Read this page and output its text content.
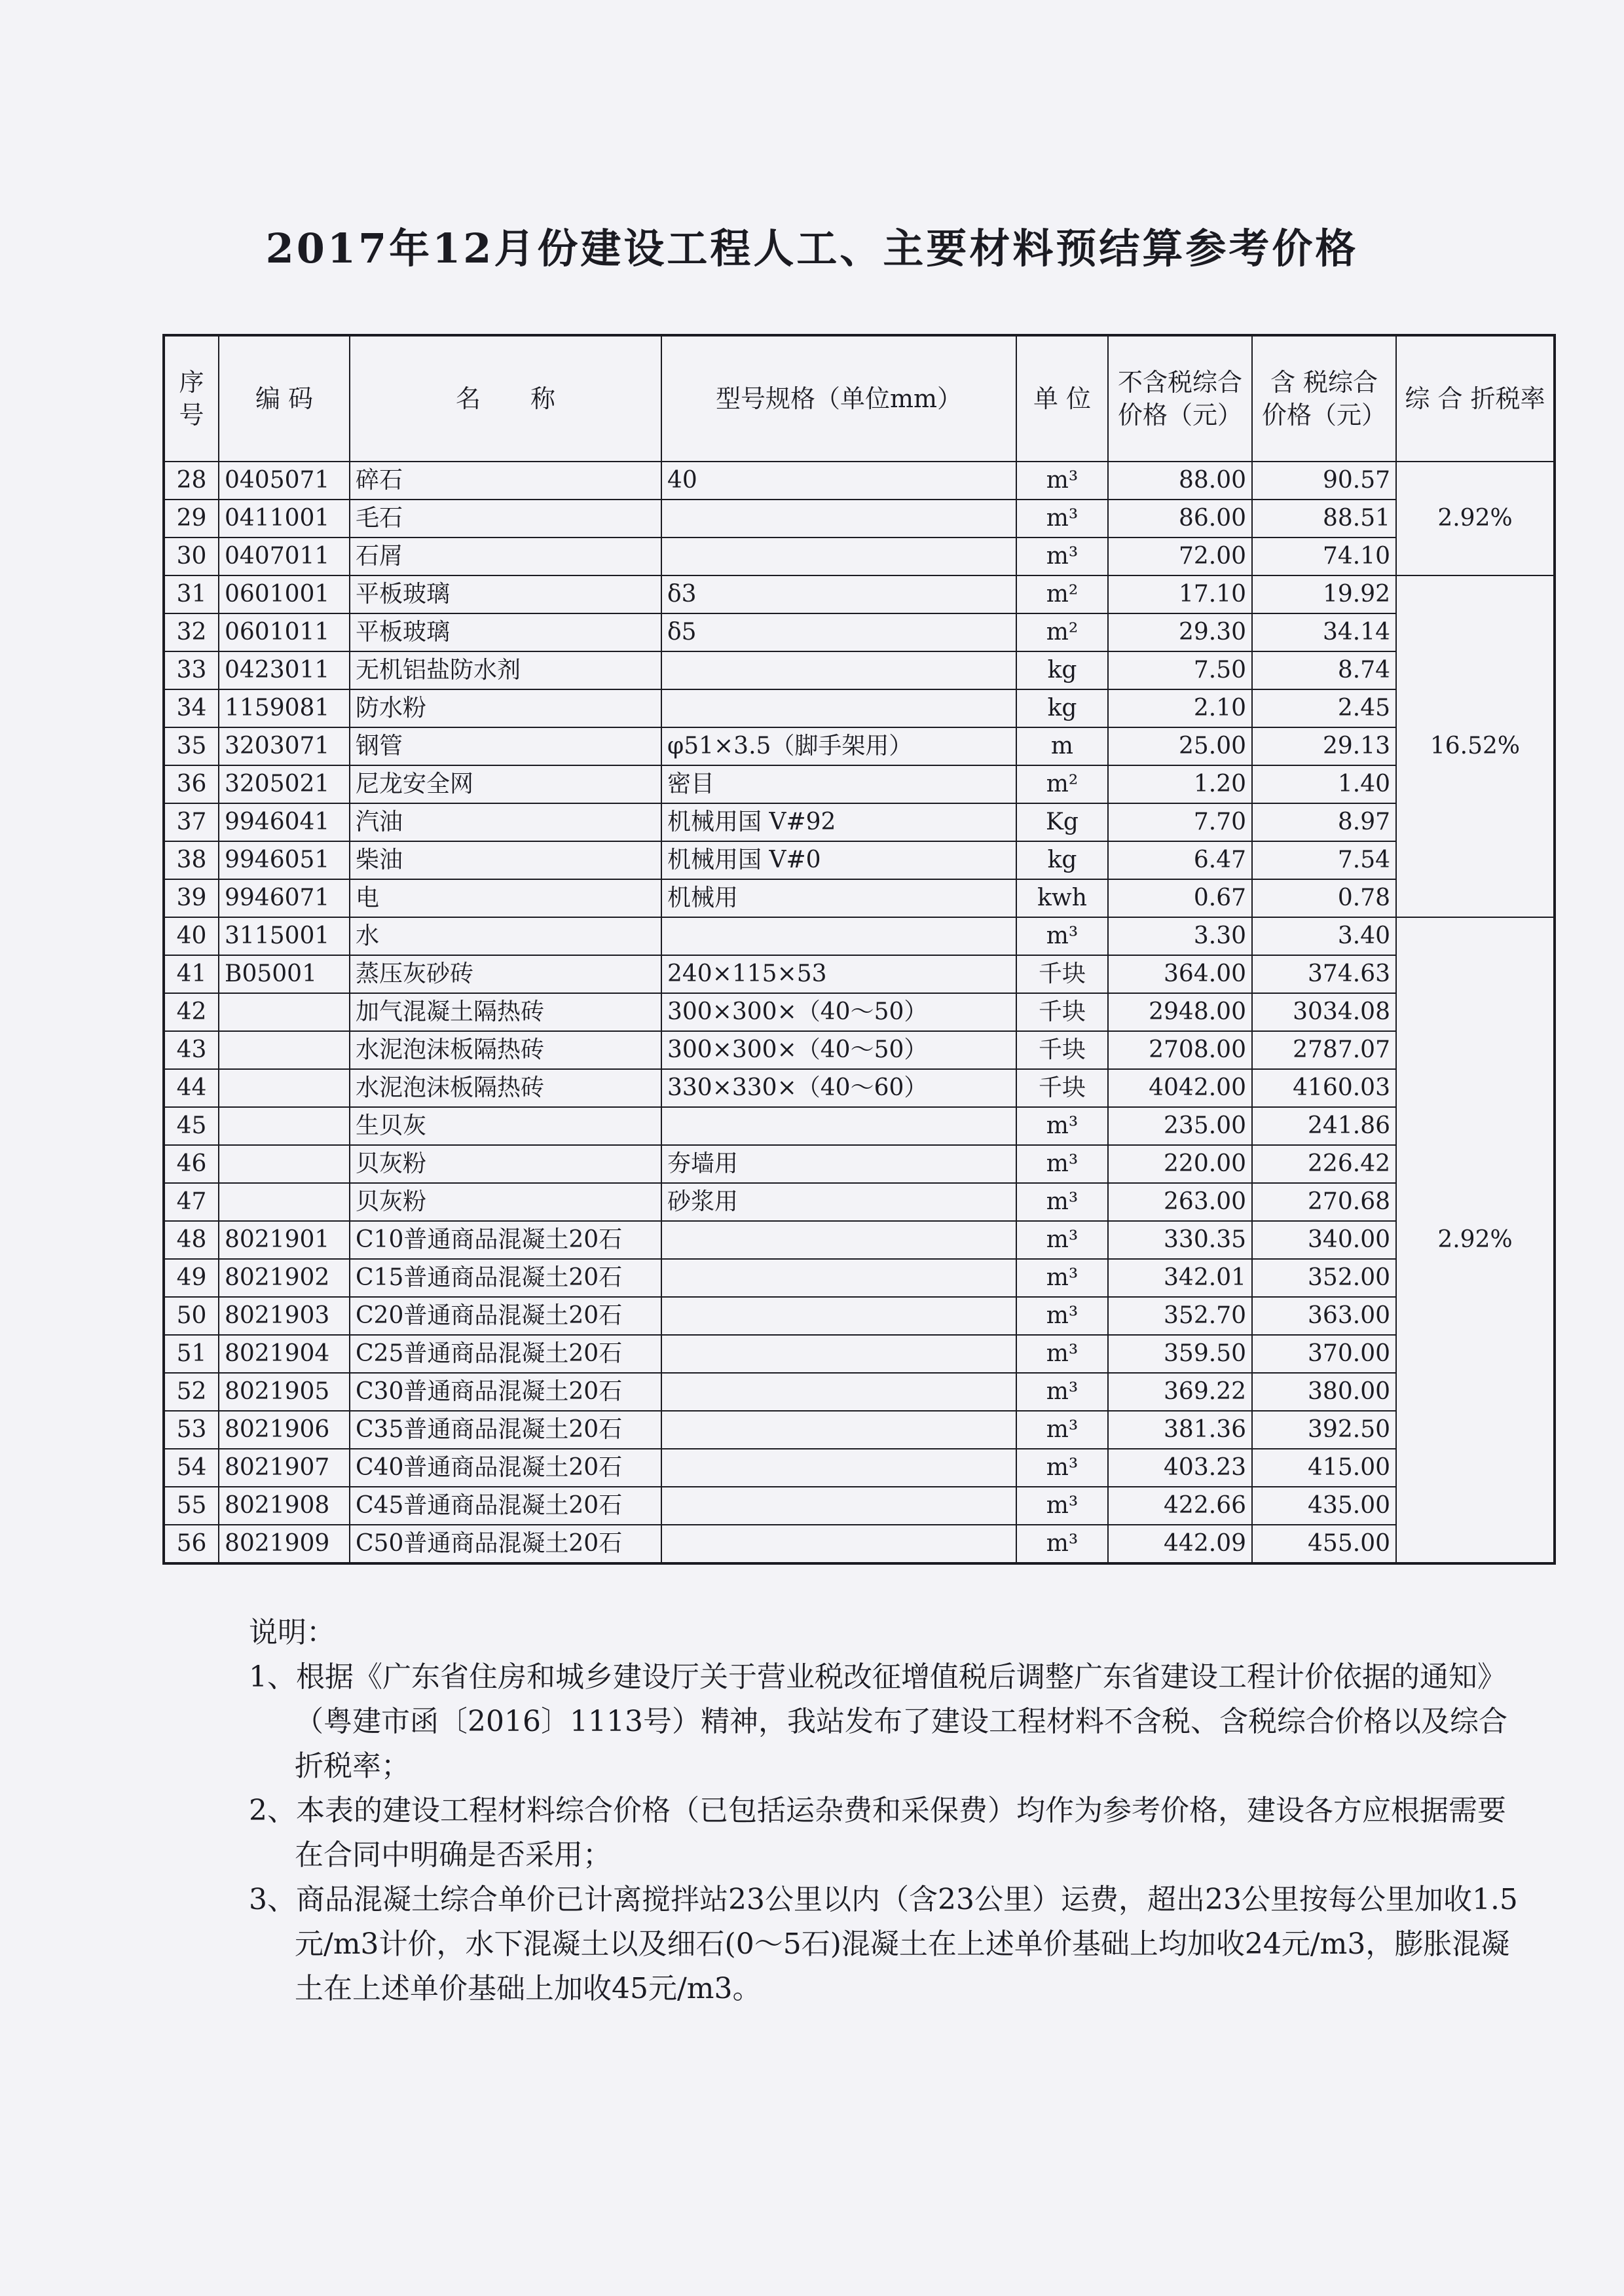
2017年12月份建设工程人工、主要材料预结算参考价格
序号	编 码	名　　称	型号规格（单位mm）	单 位	不含税综合价格（元）	含 税综合价格（元）	综 合 折税率
28	0405071	碎石	40	m³	88.00	90.57	2.92%
29	0411001	毛石		m³	86.00	88.51	
30	0407011	石屑		m³	72.00	74.10	
31	0601001	平板玻璃	δ3	m²	17.10	19.92	16.52%
32	0601011	平板玻璃	δ5	m²	29.30	34.14	
33	0423011	无机铝盐防水剂		kg	7.50	8.74	
34	1159081	防水粉		kg	2.10	2.45	
35	3203071	钢管	φ51×3.5（脚手架用）	m	25.00	29.13	
36	3205021	尼龙安全网	密目	m²	1.20	1.40	
37	9946041	汽油	机械用国 V#92	Kg	7.70	8.97	
38	9946051	柴油	机械用国 V#0	kg	6.47	7.54	
39	9946071	电	机械用	kwh	0.67	0.78	
40	3115001	水		m³	3.30	3.40	2.92%
41	B05001	蒸压灰砂砖	240×115×53	千块	364.00	374.63	
42		加气混凝土隔热砖	300×300×（40～50）	千块	2948.00	3034.08	
43		水泥泡沫板隔热砖	300×300×（40～50）	千块	2708.00	2787.07	
44		水泥泡沫板隔热砖	330×330×（40～60）	千块	4042.00	4160.03	
45		生贝灰		m³	235.00	241.86	
46		贝灰粉	夯墙用	m³	220.00	226.42	
47		贝灰粉	砂浆用	m³	263.00	270.68	
48	8021901	C10普通商品混凝土20石		m³	330.35	340.00	
49	8021902	C15普通商品混凝土20石		m³	342.01	352.00	
50	8021903	C20普通商品混凝土20石		m³	352.70	363.00	
51	8021904	C25普通商品混凝土20石		m³	359.50	370.00	
52	8021905	C30普通商品混凝土20石		m³	369.22	380.00	
53	8021906	C35普通商品混凝土20石		m³	381.36	392.50	
54	8021907	C40普通商品混凝土20石		m³	403.23	415.00	
55	8021908	C45普通商品混凝土20石		m³	422.66	435.00	
56	8021909	C50普通商品混凝土20石		m³	442.09	455.00	
说明：

1、根据《广东省住房和城乡建设厅关于营业税改征增值税后调整广东省建设工程计价依据的通知》（粤建市函〔2016〕1113号）精神，我站发布了建设工程材料不含税、含税综合价格以及综合折税率；

2、本表的建设工程材料综合价格（已包括运杂费和采保费）均作为参考价格，建设各方应根据需要在合同中明确是否采用；

3、商品混凝土综合单价已计离搅拌站23公里以内（含23公里）运费，超出23公里按每公里加收1.5元/m3计价，水下混凝土以及细石(0～5石)混凝土在上述单价基础上均加收24元/m3，膨胀混凝土在上述单价基础上加收45元/m3。
